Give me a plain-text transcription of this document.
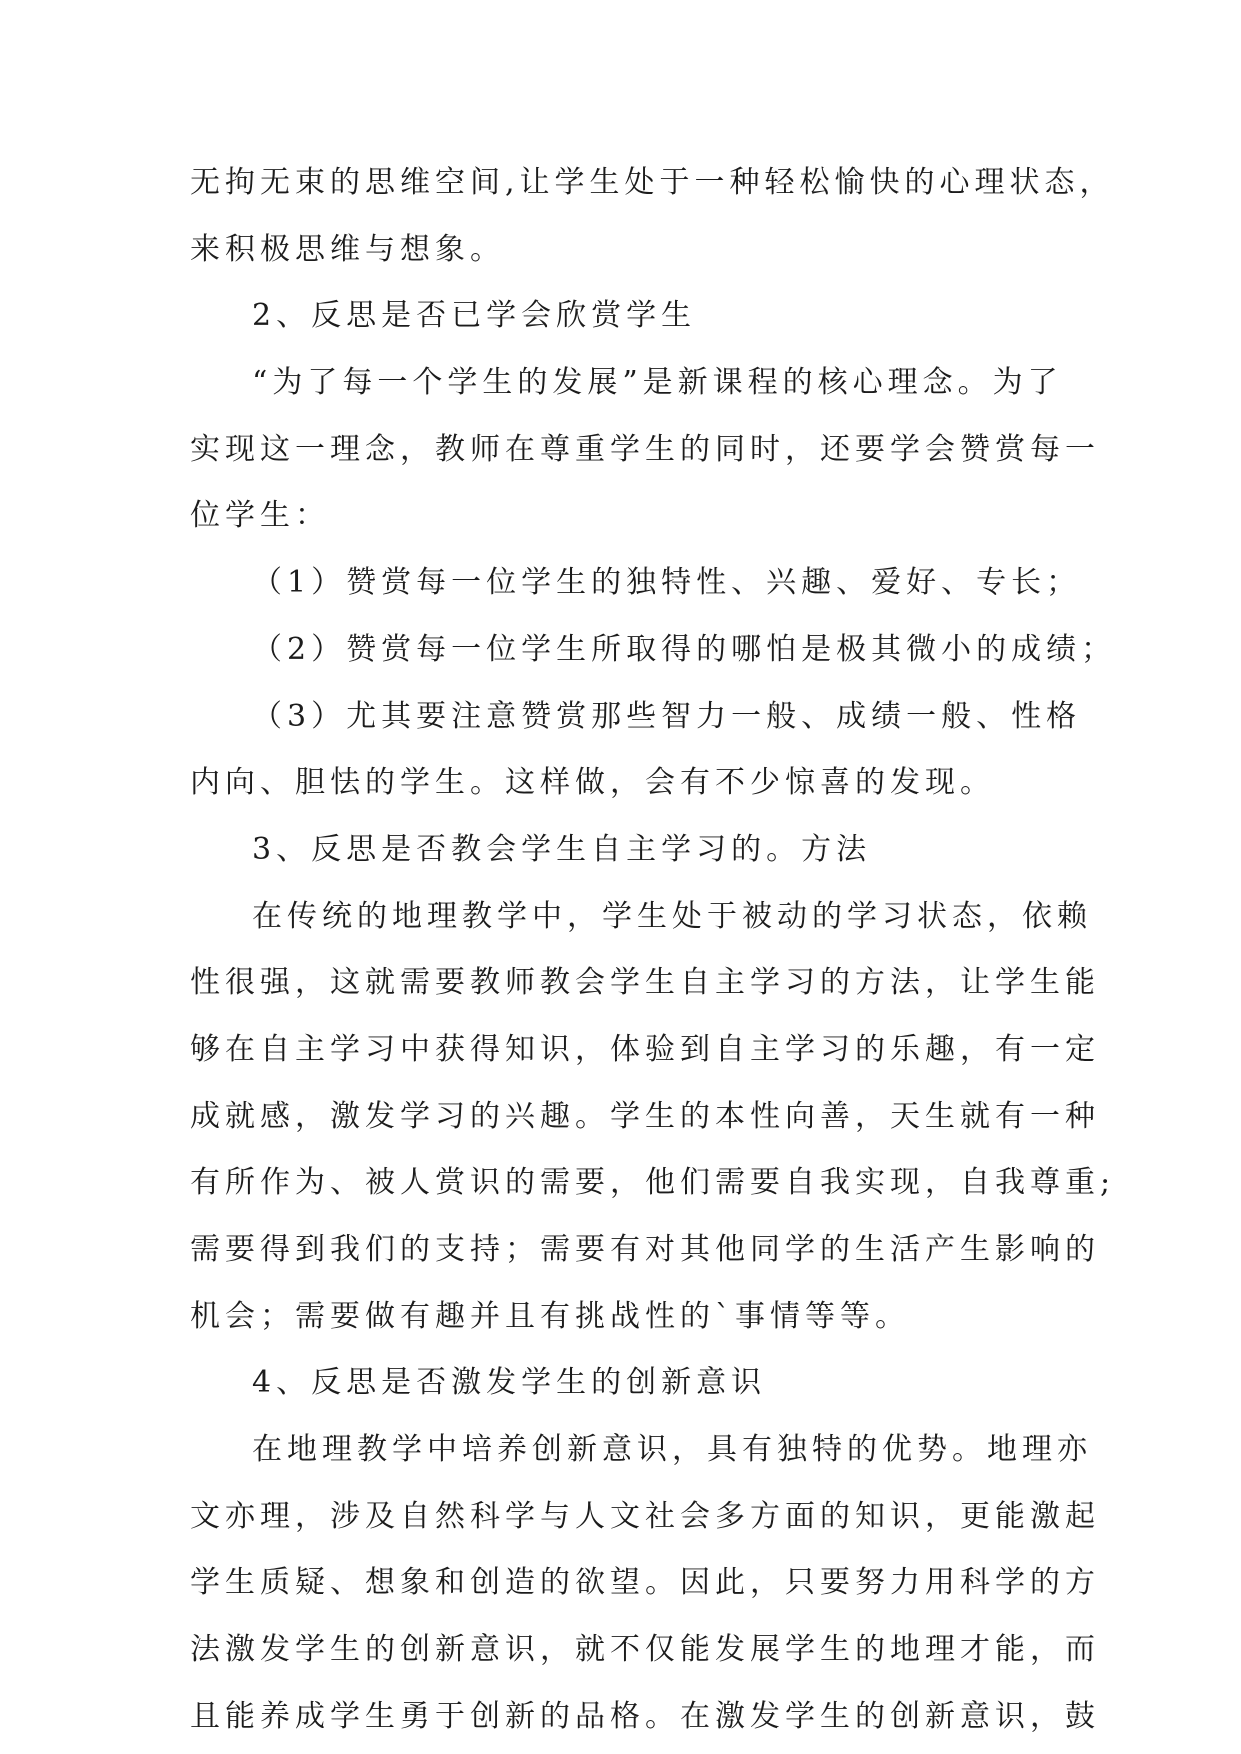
无拘无束的思维空间,让学生处于一种轻松愉快的心理状态，
来积极思维与想象。
2、反思是否已学会欣赏学生
“为了每一个学生的发展”是新课程的核心理念。为了
实现这一理念，教师在尊重学生的同时，还要学会赞赏每一
位学生：
（1）赞赏每一位学生的独特性、兴趣、爱好、专长；
（2）赞赏每一位学生所取得的哪怕是极其微小的成绩；
（3）尤其要注意赞赏那些智力一般、成绩一般、性格
内向、胆怯的学生。这样做，会有不少惊喜的发现。
3、反思是否教会学生自主学习的。方法
在传统的地理教学中，学生处于被动的学习状态，依赖
性很强，这就需要教师教会学生自主学习的方法，让学生能
够在自主学习中获得知识，体验到自主学习的乐趣，有一定
成就感，激发学习的兴趣。学生的本性向善，天生就有一种
有所作为、被人赏识的需要，他们需要自我实现，自我尊重;
需要得到我们的支持；需要有对其他同学的生活产生影响的
机会；需要做有趣并且有挑战性的`事情等等。
4、反思是否激发学生的创新意识
在地理教学中培养创新意识，具有独特的优势。地理亦
文亦理，涉及自然科学与人文社会多方面的知识，更能激起
学生质疑、想象和创造的欲望。因此，只要努力用科学的方
法激发学生的创新意识，就不仅能发展学生的地理才能，而
且能养成学生勇于创新的品格。在激发学生的创新意识，鼓
